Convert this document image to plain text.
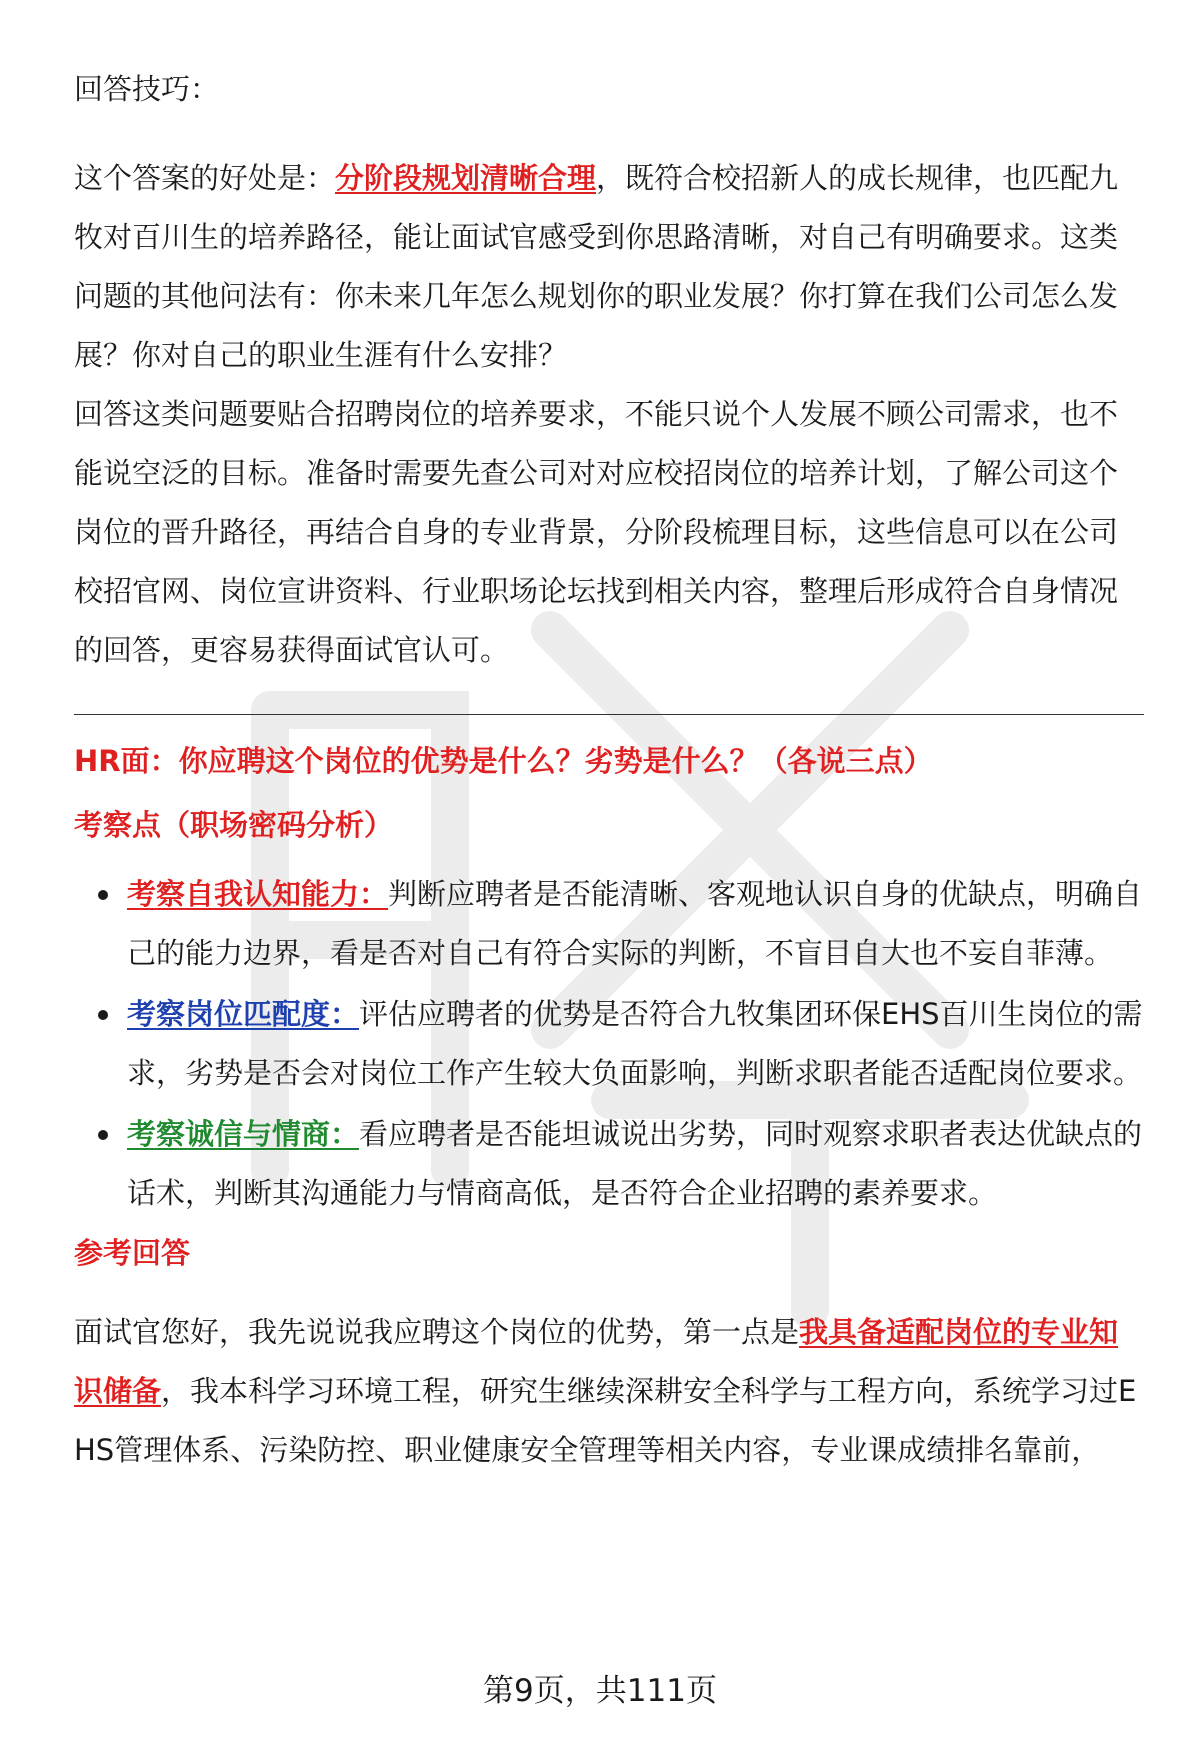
回答技巧：

这个答案的好处是：分阶段规划清晰合理，既符合校招新人的成长规律，也匹配九牧对百川生的培养路径，能让面试官感受到你思路清晰，对自己有明确要求。这类问题的其他问法有：你未来几年怎么规划你的职业发展？你打算在我们公司怎么发展？你对自己的职业生涯有什么安排？

回答这类问题要贴合招聘岗位的培养要求，不能只说个人发展不顾公司需求，也不能说空泛的目标。准备时需要先查公司对对应校招岗位的培养计划，了解公司这个岗位的晋升路径，再结合自身的专业背景，分阶段梳理目标，这些信息可以在公司校招官网、岗位宣讲资料、行业职场论坛找到相关内容，整理后形成符合自身情况的回答，更容易获得面试官认可。

HR面：你应聘这个岗位的优势是什么？劣势是什么？（各说三点）

考察点（职场密码分析）

考察自我认知能力：判断应聘者是否能清晰、客观地认识自身的优缺点，明确自己的能力边界，看是否对自己有符合实际的判断，不盲目自大也不妄自菲薄。
考察岗位匹配度：评估应聘者的优势是否符合九牧集团环保EHS百川生岗位的需求，劣势是否会对岗位工作产生较大负面影响，判断求职者能否适配岗位要求。
考察诚信与情商：看应聘者是否能坦诚说出劣势，同时观察求职者表达优缺点的话术，判断其沟通能力与情商高低，是否符合企业招聘的素养要求。

参考回答

面试官您好，我先说说我应聘这个岗位的优势，第一点是我具备适配岗位的专业知识储备，我本科学习环境工程，研究生继续深耕安全科学与工程方向，系统学习过EHS管理体系、污染防控、职业健康安全管理等相关内容，专业课成绩排名靠前，

第9页，共111页
